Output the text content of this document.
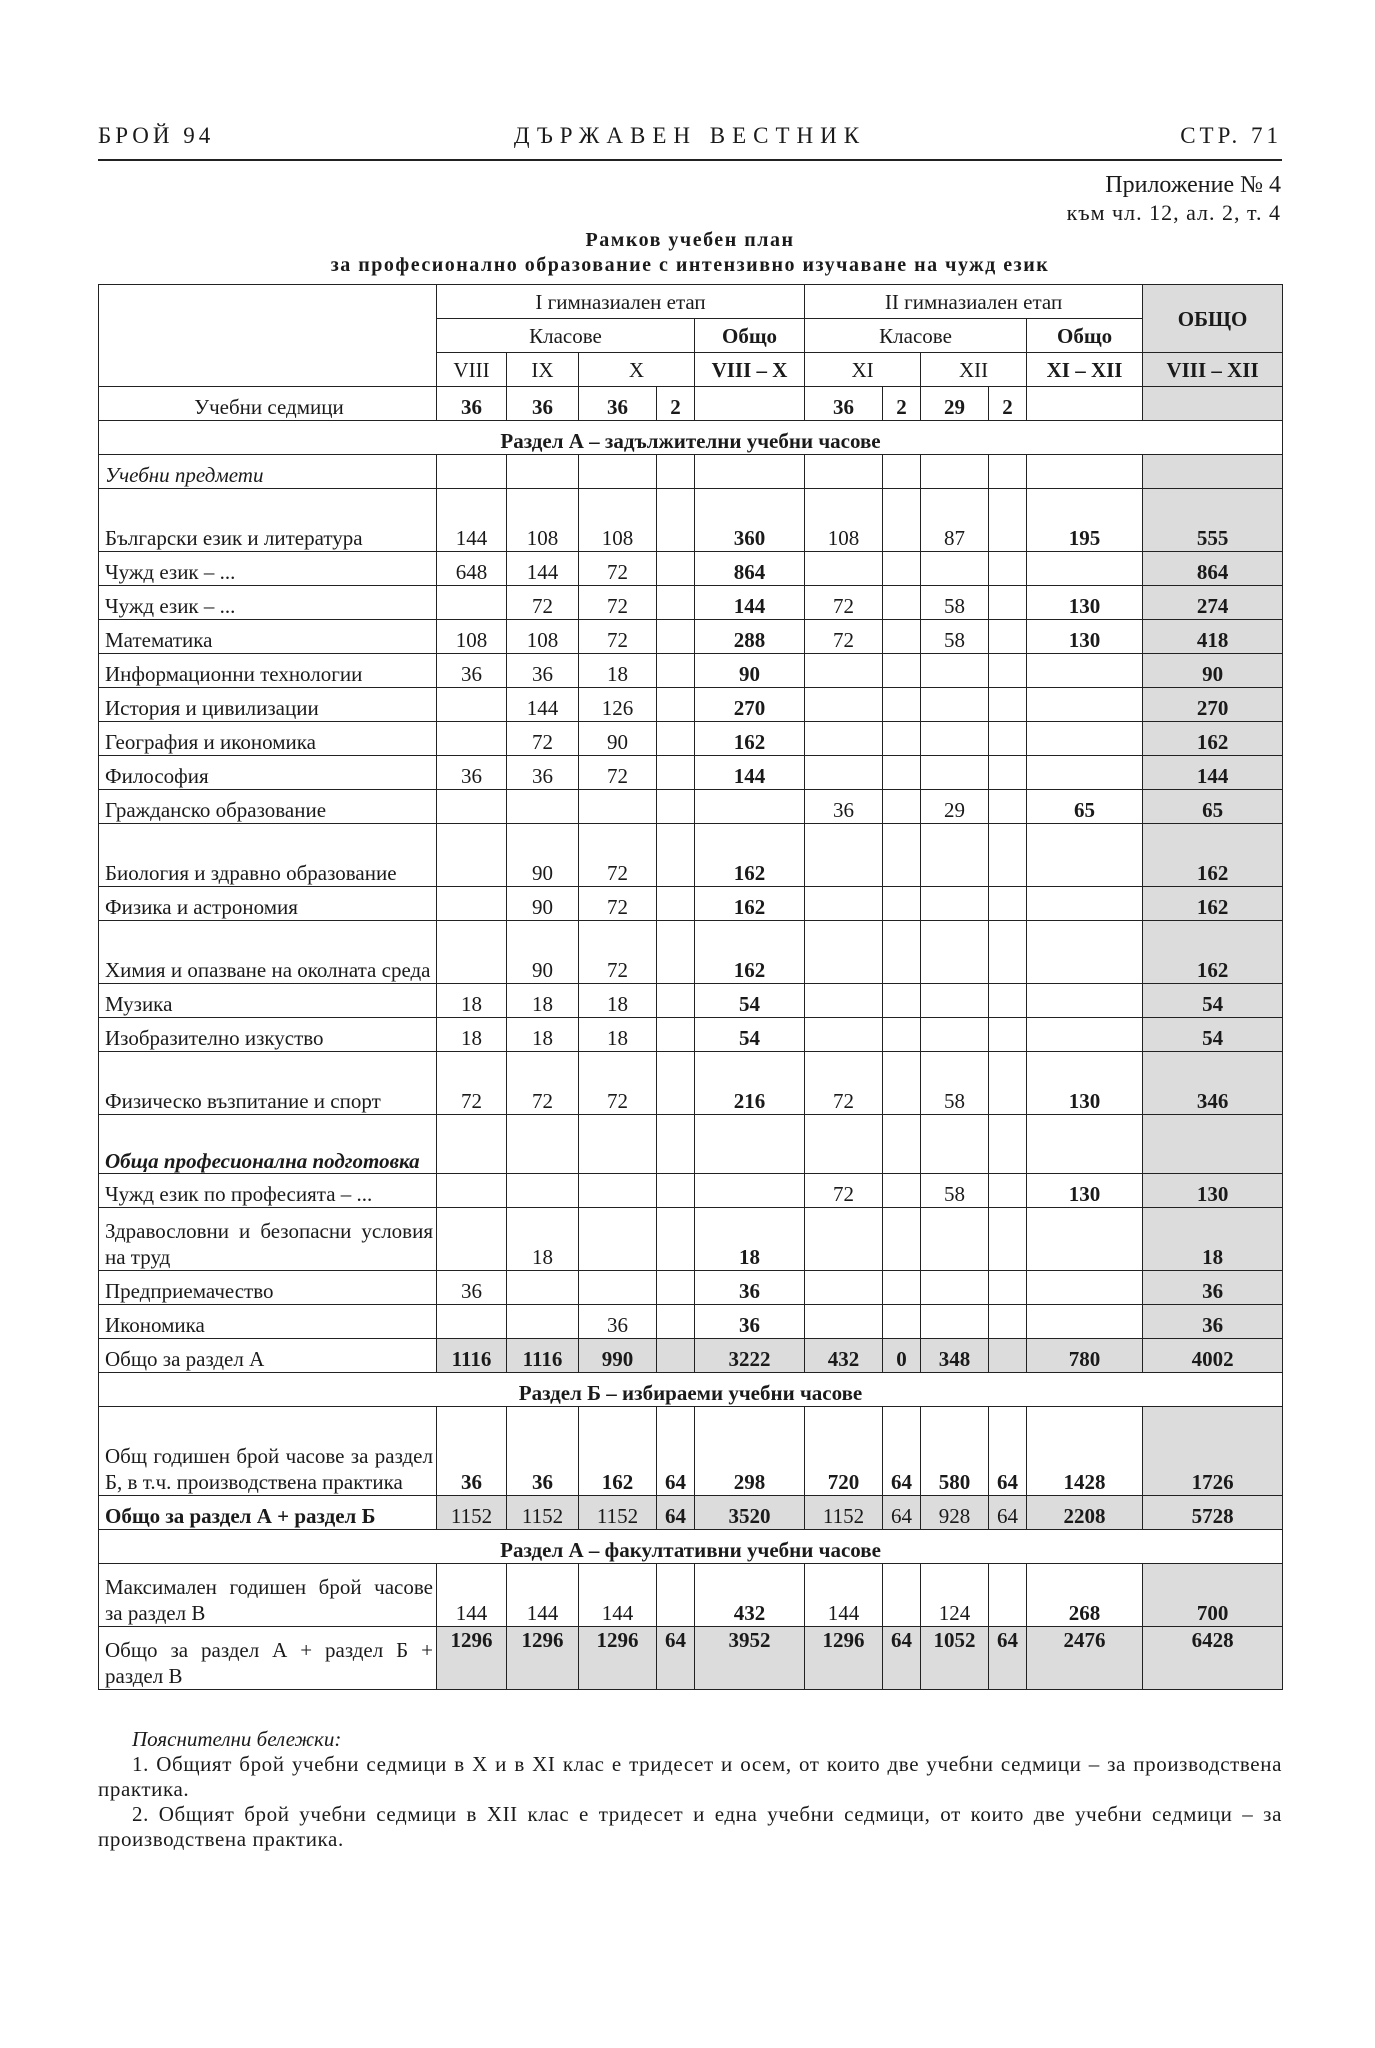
БРОЙ 94	ДЪРЖАВЕН ВЕСТНИК	СТР. 71
Приложение № 4
към чл. 12, ал. 2, т. 4
Рамков учебен план
за професионално образование с интензивно изучаване на чужд език
	I гимназиален етап					II гимназиален етап					ОБЩО
	Класове				Общо	Класове				Общо	
	VIII	IX	X		VIII – X	XI		XII		XI – XII	VIII – XII
Учебни седмици	36	36	36	2		36	2	29	2		
Раздел А – задължителни учебни часове											
Учебни предмети											
Български език и литература	144	108	108		360	108		87		195	555
Чужд език – ...	648	144	72		864						864
Чужд език – ...		72	72		144	72		58		130	274
Математика	108	108	72		288	72		58		130	418
Информационни технологии	36	36	18		90						90
История и цивилизации		144	126		270						270
География и икономика		72	90		162						162
Философия	36	36	72		144						144
Гражданско образование						36		29		65	65
Биология и здравно образование		90	72		162						162
Физика и астрономия		90	72		162						162
Химия и опазване на околната среда		90	72		162						162
Музика	18	18	18		54						54
Изобразително изкуство	18	18	18		54						54
Физическо възпитание и спорт	72	72	72		216	72		58		130	346
Обща професионална подготовка											
Чужд език по професията – ...						72		58		130	130
Здравословни и безопасни условия на труд		18			18						18
Предприемачество	36				36						36
Икономика			36		36						36
Общо за раздел А	1116	1116	990		3222	432	0	348		780	4002
Раздел Б – избираеми учебни часове											
Общ годишен брой часове за раздел Б, в т.ч. производствена практика	36	36	162	64	298	720	64	580	64	1428	1726
Общо за раздел А + раздел Б	1152	1152	1152	64	3520	1152	64	928	64	2208	5728
Раздел А – факултативни учебни часове											
Максимален годишен брой часове за раздел В	144	144	144		432	144		124		268	700
Общо за раздел А + раздел Б + раздел В	1296	1296	1296	64	3952	1296	64	1052	64	2476	6428
Пояснителни бележки:

1. Общият брой учебни седмици в X и в XI клас е тридесет и осем, от които две учебни седмици – за производствена практика.

2. Общият брой учебни седмици в XII клас е тридесет и една учебни седмици, от които две учебни седмици – за производствена практика.
